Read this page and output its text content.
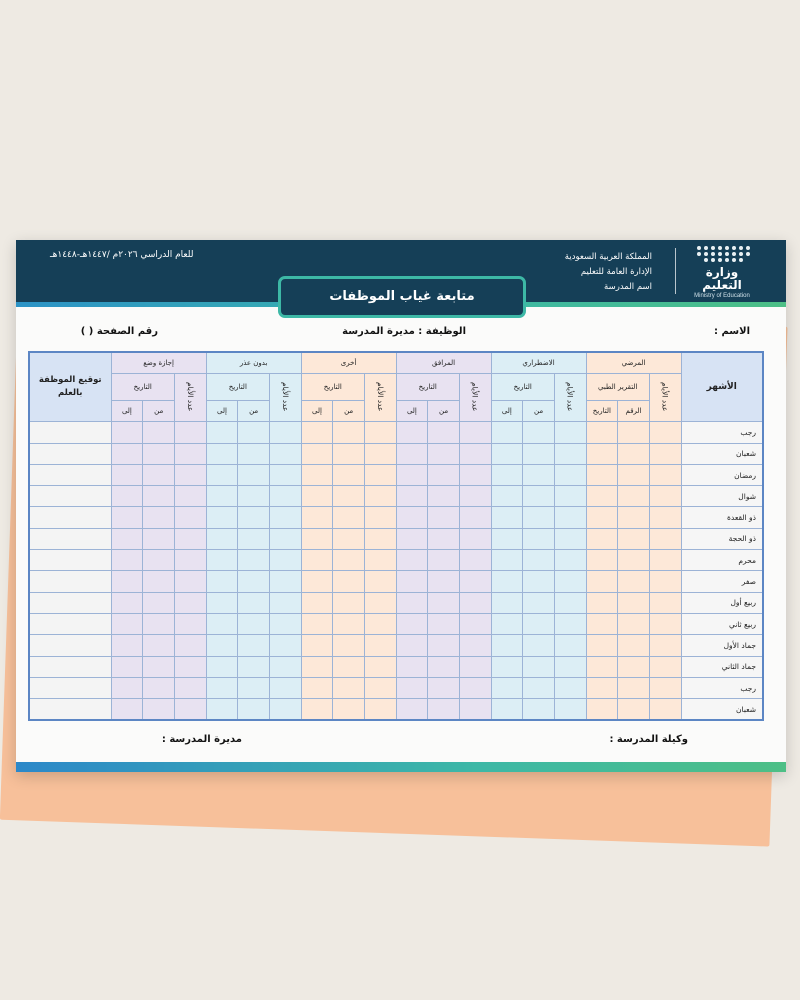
وزارة التعليم
Ministry of Education
المملكة العربية السعودية
الإدارة العامة للتعليم
اسم المدرسة
للعام الدراسي ٢٠٢٦م /١٤٤٧هـ-١٤٤٨هـ
متابعة غياب الموظفات
الاسم :
الوظيفة : مديرة المدرسة
رقم الصفحة ( )
الأشهر	المرضي			الاضطراري			المرافق			أخرى			بدون عذر			إجازة وضع			توقيع الموظفة بالعلم
	عدد الأيام	التقرير الطبي		عدد الأيام	التاريخ		عدد الأيام	التاريخ		عدد الأيام	التاريخ		عدد الأيام	التاريخ		عدد الأيام	التاريخ		
		الرقم	التاريخ		من	إلى		من	إلى		من	إلى		من	إلى		من	إلى	
رجب																			
شعبان																			
رمضان																			
شوال																			
ذو القعدة																			
ذو الحجة																			
محرم																			
صفر																			
ربيع أول																			
ربيع ثاني																			
جماد الأول																			
جماد الثاني																			
رجب																			
شعبان																			
وكيلة المدرسة :
مديرة المدرسة :
